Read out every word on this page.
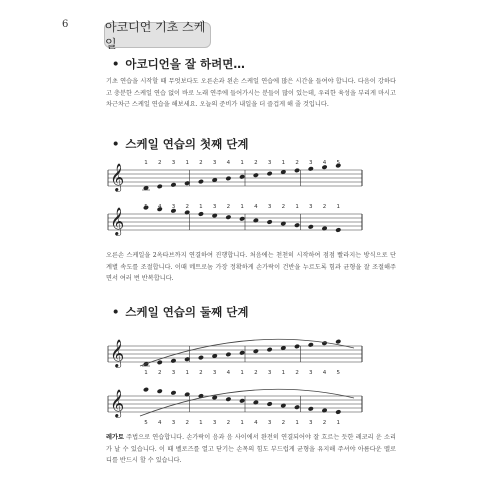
6	아코디언 기초 스케일
• 아코디언을 잘 하려면…
기초 연습을 시작할 때 무엇보다도 오른손과 왼손 스케일 연습에 많은 시간을 들여야 합니다. 다음이 강하다고 충분한 스케일 연습 없이 바로 노래 연주에 들어가시는 분들이 많이 있는데, 우리한 육성을 부리게 마시고 차근차근 스케일 연습을 해보세요. 오늘의 준비가 내일을 더 즐겁게 해 줄 것입니다.
• 스케일 연습의 첫째 단계
𝄞	1 2 3 1 2 3 4 1 2 3 1 2 3 4 5
𝄞	5 4 3 2 1 3 2 1 4 3 2 1 3 2 1
오른손 스케일을 2옥타브까지 연결하여 진행합니다. 처음에는 천천히 시작하여 점점 빨라지는 방식으로 단계별 속도를 조절합니다. 이때 메트로놈 가장 정확하게 손가락이 건반을 누르도록 힘과 균형을 잘 조절해주면서 여러 번 반복합니다.
• 스케일 연습의 둘째 단계
𝄞
1 2 3 1 2 3 4 1 2 3 1 2 3 4 5
𝄞
5 4 3 2 1 3 2 1 4 3 2 1 3 2 1
레가토 주법으로 연습합니다. 손가락이 음과 음 사이에서 완전히 연결되어야 잘 흐르는 듯한 레코리 운 소리가 날 수 있습니다. 이 때 벨로즈를 열고 닫기는 손목의 힘도 부드럽게 균형을 유지해 주셔야 아름다운 멜로디를 반드시 할 수 있습니다.
